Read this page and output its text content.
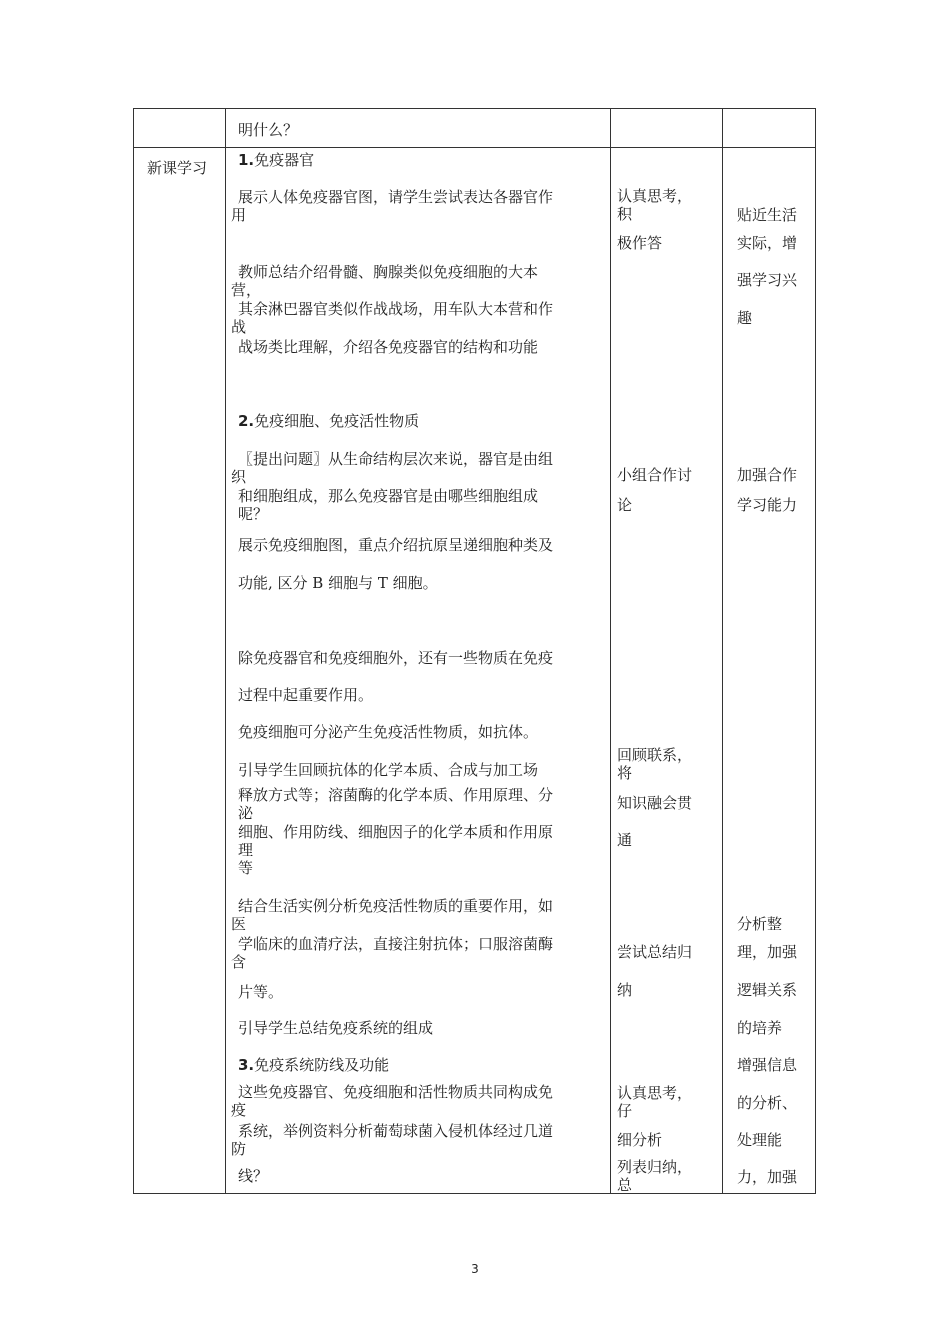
明什么？
新课学习 1.免疫器官
展示人体免疫器官图，请学生尝试表达各器官作
用
教师总结介绍骨髓、胸腺类似免疫细胞的大本
营，
其余淋巴器官类似作战战场，用车队大本营和作
战
战场类比理解，介绍各免疫器官的结构和功能
2.免疫细胞、免疫活性物质
〖提出问题〗从生命结构层次来说，器官是由组
织
和细胞组成，那么免疫器官是由哪些细胞组成
呢？
展示免疫细胞图，重点介绍抗原呈递细胞种类及
功能, 区分 B 细胞与 T 细胞。
除免疫器官和免疫细胞外，还有一些物质在免疫
过程中起重要作用。
免疫细胞可分泌产生免疫活性物质，如抗体。
引导学生回顾抗体的化学本质、合成与加工场
释放方式等；溶菌酶的化学本质、作用原理、分
泌
细胞、作用防线、细胞因子的化学本质和作用原
理
等
结合生活实例分析免疫活性物质的重要作用，如
医
学临床的血清疗法，直接注射抗体；口服溶菌酶
含
片等。
引导学生总结免疫系统的组成
3.免疫系统防线及功能
这些免疫器官、免疫细胞和活性物质共同构成免
疫
系统，举例资料分析葡萄球菌入侵机体经过几道
防
线？
认真思考，
积
极作答
小组合作讨
论
回顾联系，
将
知识融会贯
通
尝试总结归
纳
认真思考，
仔
细分析
列表归纳，
总
贴近生活
实际，增
强学习兴
趣
加强合作
学习能力
分析整
理，加强
逻辑关系
的培养
增强信息
的分析、
处理能
力，加强
3
